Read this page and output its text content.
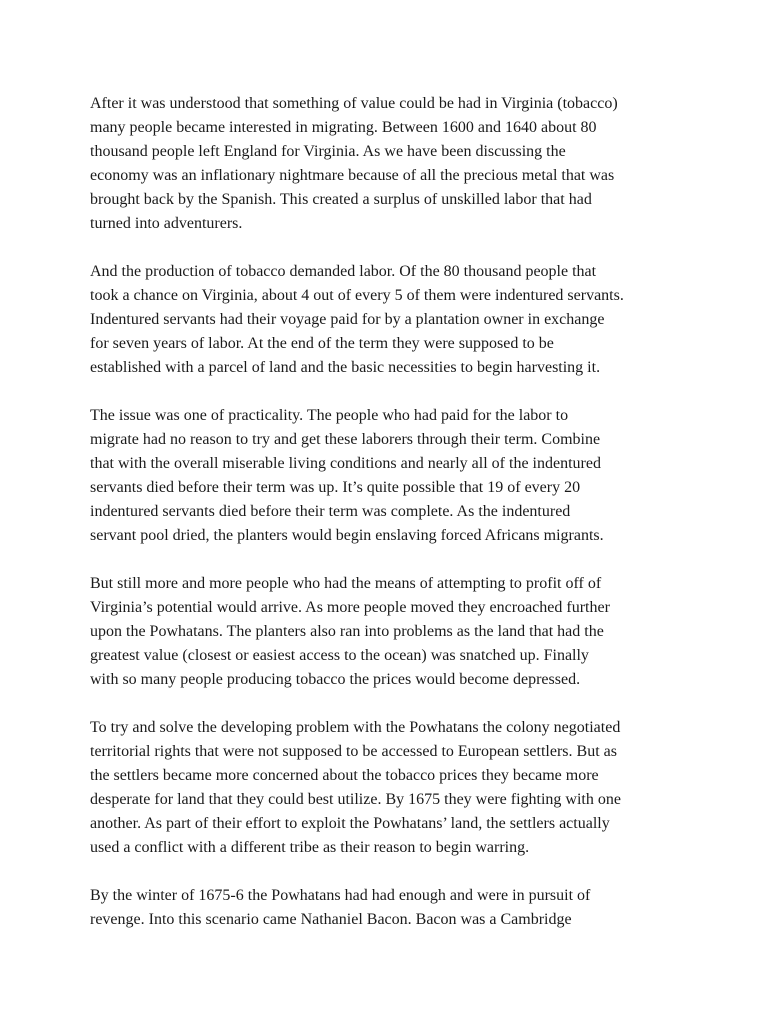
After it was understood that something of value could be had in Virginia (tobacco)
many people became interested in migrating. Between 1600 and 1640 about 80
thousand people left England for Virginia. As we have been discussing the
economy was an inflationary nightmare because of all the precious metal that was
brought back by the Spanish. This created a surplus of unskilled labor that had
turned into adventurers.

And the production of tobacco demanded labor. Of the 80 thousand people that
took a chance on Virginia, about 4 out of every 5 of them were indentured servants.
Indentured servants had their voyage paid for by a plantation owner in exchange
for seven years of labor. At the end of the term they were supposed to be
established with a parcel of land and the basic necessities to begin harvesting it.

The issue was one of practicality. The people who had paid for the labor to
migrate had no reason to try and get these laborers through their term. Combine
that with the overall miserable living conditions and nearly all of the indentured
servants died before their term was up. It’s quite possible that 19 of every 20
indentured servants died before their term was complete. As the indentured
servant pool dried, the planters would begin enslaving forced Africans migrants.

But still more and more people who had the means of attempting to profit off of
Virginia’s potential would arrive. As more people moved they encroached further
upon the Powhatans. The planters also ran into problems as the land that had the
greatest value (closest or easiest access to the ocean) was snatched up. Finally
with so many people producing tobacco the prices would become depressed.

To try and solve the developing problem with the Powhatans the colony negotiated
territorial rights that were not supposed to be accessed to European settlers. But as
the settlers became more concerned about the tobacco prices they became more
desperate for land that they could best utilize. By 1675 they were fighting with one
another. As part of their effort to exploit the Powhatans’ land, the settlers actually
used a conflict with a different tribe as their reason to begin warring.

By the winter of 1675-6 the Powhatans had had enough and were in pursuit of
revenge. Into this scenario came Nathaniel Bacon. Bacon was a Cambridge
